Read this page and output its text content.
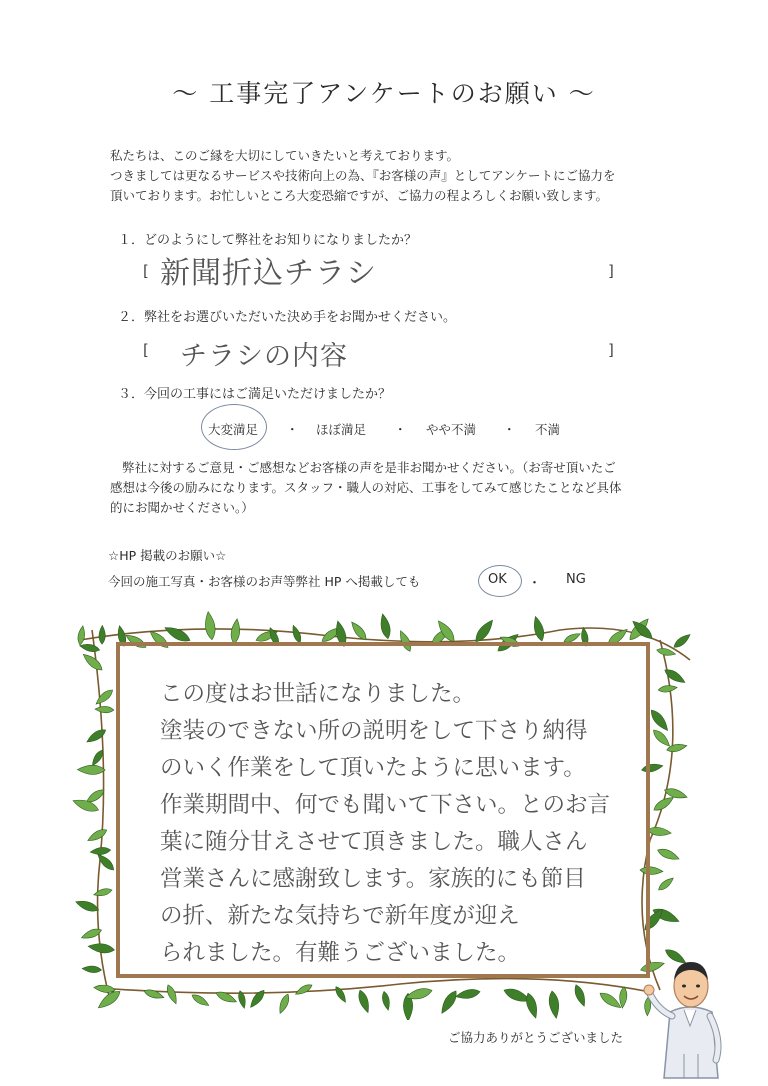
～ 工事完了アンケートのお願い ～
私たちは、このご縁を大切にしていきたいと考えております。
つきましては更なるサービスや技術向上の為、『お客様の声』としてアンケートにご協力を
頂いております。お忙しいところ大変恐縮ですが、ご協力の程よろしくお願い致します。
１．どのようにして弊社をお知りになりましたか？
[	]
新聞折込チラシ
２．弊社をお選びいただいた決め手をお聞かせください。
[	]
チラシの内容
３．今回の工事にはご満足いただけましたか？
大変満足 ・ ほぼ満足 ・ やや不満 ・ 不満
弊社に対するご意見・ご感想などお客様の声を是非お聞かせください。（お寄せ頂いたご
感想は今後の励みになります。スタッフ・職人の対応、工事をしてみて感じたことなど具体
的にお聞かせください。）
☆HP 掲載のお願い☆
今回の施工写真・お客様のお声等弊社 HP へ掲載しても	OK ・ NG
この度はお世話になりました。
塗装のできない所の説明をして下さり納得
のいく作業をして頂いたように思います。
作業期間中、何でも聞いて下さい。とのお言
葉に随分甘えさせて頂きました。職人さん
営業さんに感謝致します。家族的にも節目
の折、新たな気持ちで新年度が迎え
られました。有難うございました。
ご協力ありがとうございました
